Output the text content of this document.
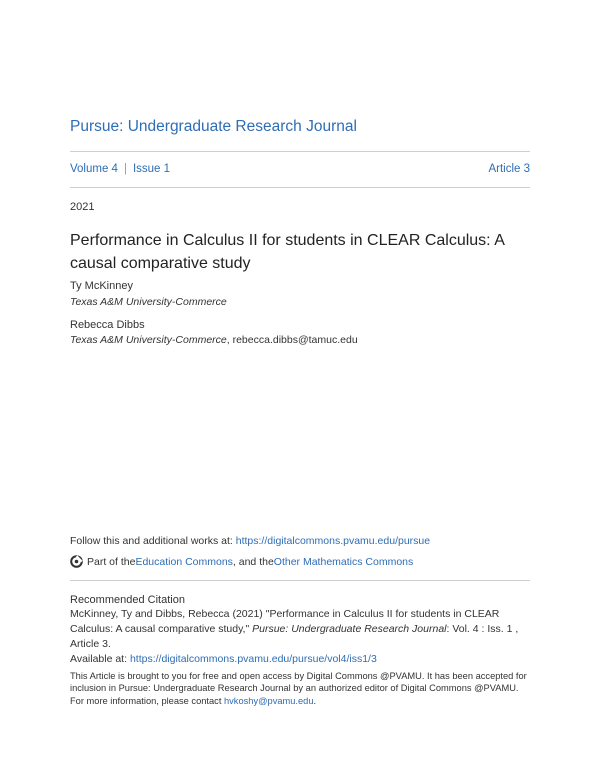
Pursue: Undergraduate Research Journal
Volume 4 | Issue 1	Article 3
2021
Performance in Calculus II for students in CLEAR Calculus: A causal comparative study
Ty McKinney
Texas A&M University-Commerce
Rebecca Dibbs
Texas A&M University-Commerce, rebecca.dibbs@tamuc.edu
Follow this and additional works at: https://digitalcommons.pvamu.edu/pursue
Part of the Education Commons , and the Other Mathematics Commons
Recommended Citation
McKinney, Ty and Dibbs, Rebecca (2021) "Performance in Calculus II for students in CLEAR Calculus: A causal comparative study," Pursue: Undergraduate Research Journal: Vol. 4 : Iss. 1 , Article 3.
Available at: https://digitalcommons.pvamu.edu/pursue/vol4/iss1/3
This Article is brought to you for free and open access by Digital Commons @PVAMU. It has been accepted for inclusion in Pursue: Undergraduate Research Journal by an authorized editor of Digital Commons @PVAMU. For more information, please contact hvkoshy@pvamu.edu.
